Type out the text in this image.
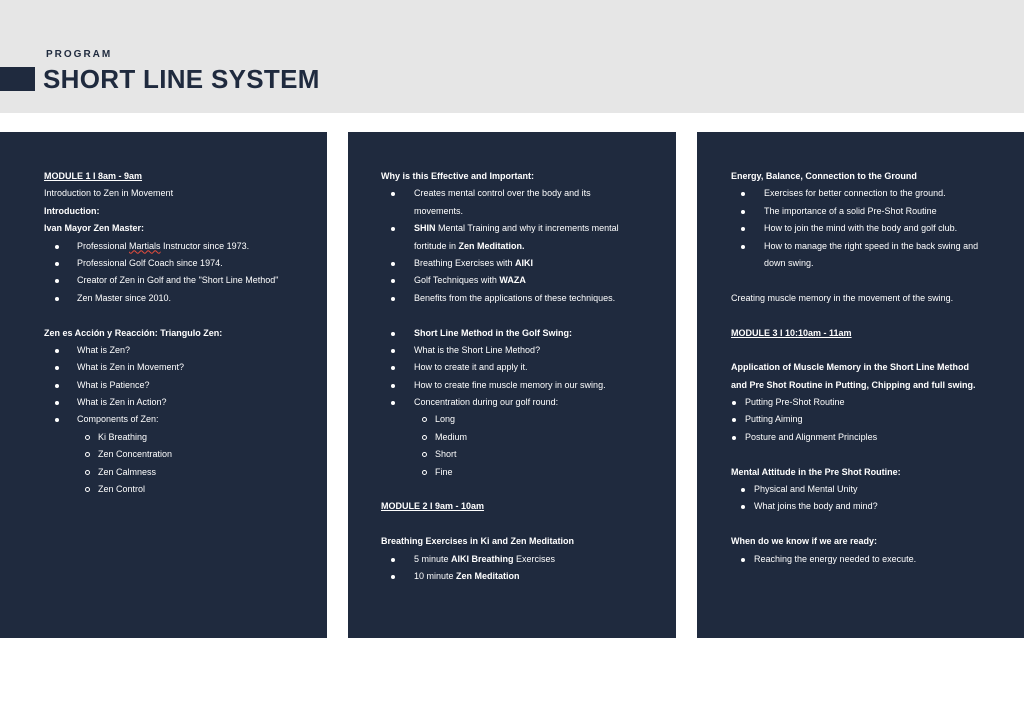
PROGRAM
SHORT LINE SYSTEM
MODULE 1 I 8am - 9am
Introduction to Zen in Movement
Introduction:
Ivan Mayor Zen Master:
Professional Martials Instructor since 1973.
Professional Golf Coach since 1974.
Creator of Zen in Golf and the "Short Line Method"
Zen Master since 2010.
Zen es Acción y Reacción: Triangulo Zen:
What is Zen?
What is Zen in Movement?
What is Patience?
What is Zen in Action?
Components of Zen:
Ki Breathing
Zen Concentration
Zen Calmness
Zen Control
Why is this Effective and Important:
Creates mental control over the body and its
movements.
SHIN Mental Training and why it increments mental
fortitude in Zen Meditation.
Breathing Exercises with AIKI
Golf Techniques with WAZA
Benefits from the applications of these techniques.
Short Line Method in the Golf Swing:
What is the Short Line Method?
How to create it and apply it.
How to create fine muscle memory in our swing.
Concentration during our golf round:
Long
Medium
Short
Fine
MODULE 2 I 9am - 10am
Breathing Exercises in Ki and Zen Meditation
5 minute AIKI Breathing Exercises
10 minute Zen Meditation
Energy, Balance, Connection to the Ground
Exercises for better connection to the ground.
The importance of a solid Pre-Shot Routine
How to join the mind with the body and golf club.
How to manage the right speed in the back swing and
down swing.
Creating muscle memory in the movement of the swing.
MODULE 3 I 10:10am - 11am
Application of Muscle Memory in the Short Line Method
and Pre Shot Routine in Putting, Chipping and full swing.
Putting Pre-Shot Routine
Putting Aiming
Posture and Alignment Principles
Mental Attitude in the Pre Shot Routine:
Physical and Mental Unity
What joins the body and mind?
When do we know if we are ready:
Reaching the energy needed to execute.
